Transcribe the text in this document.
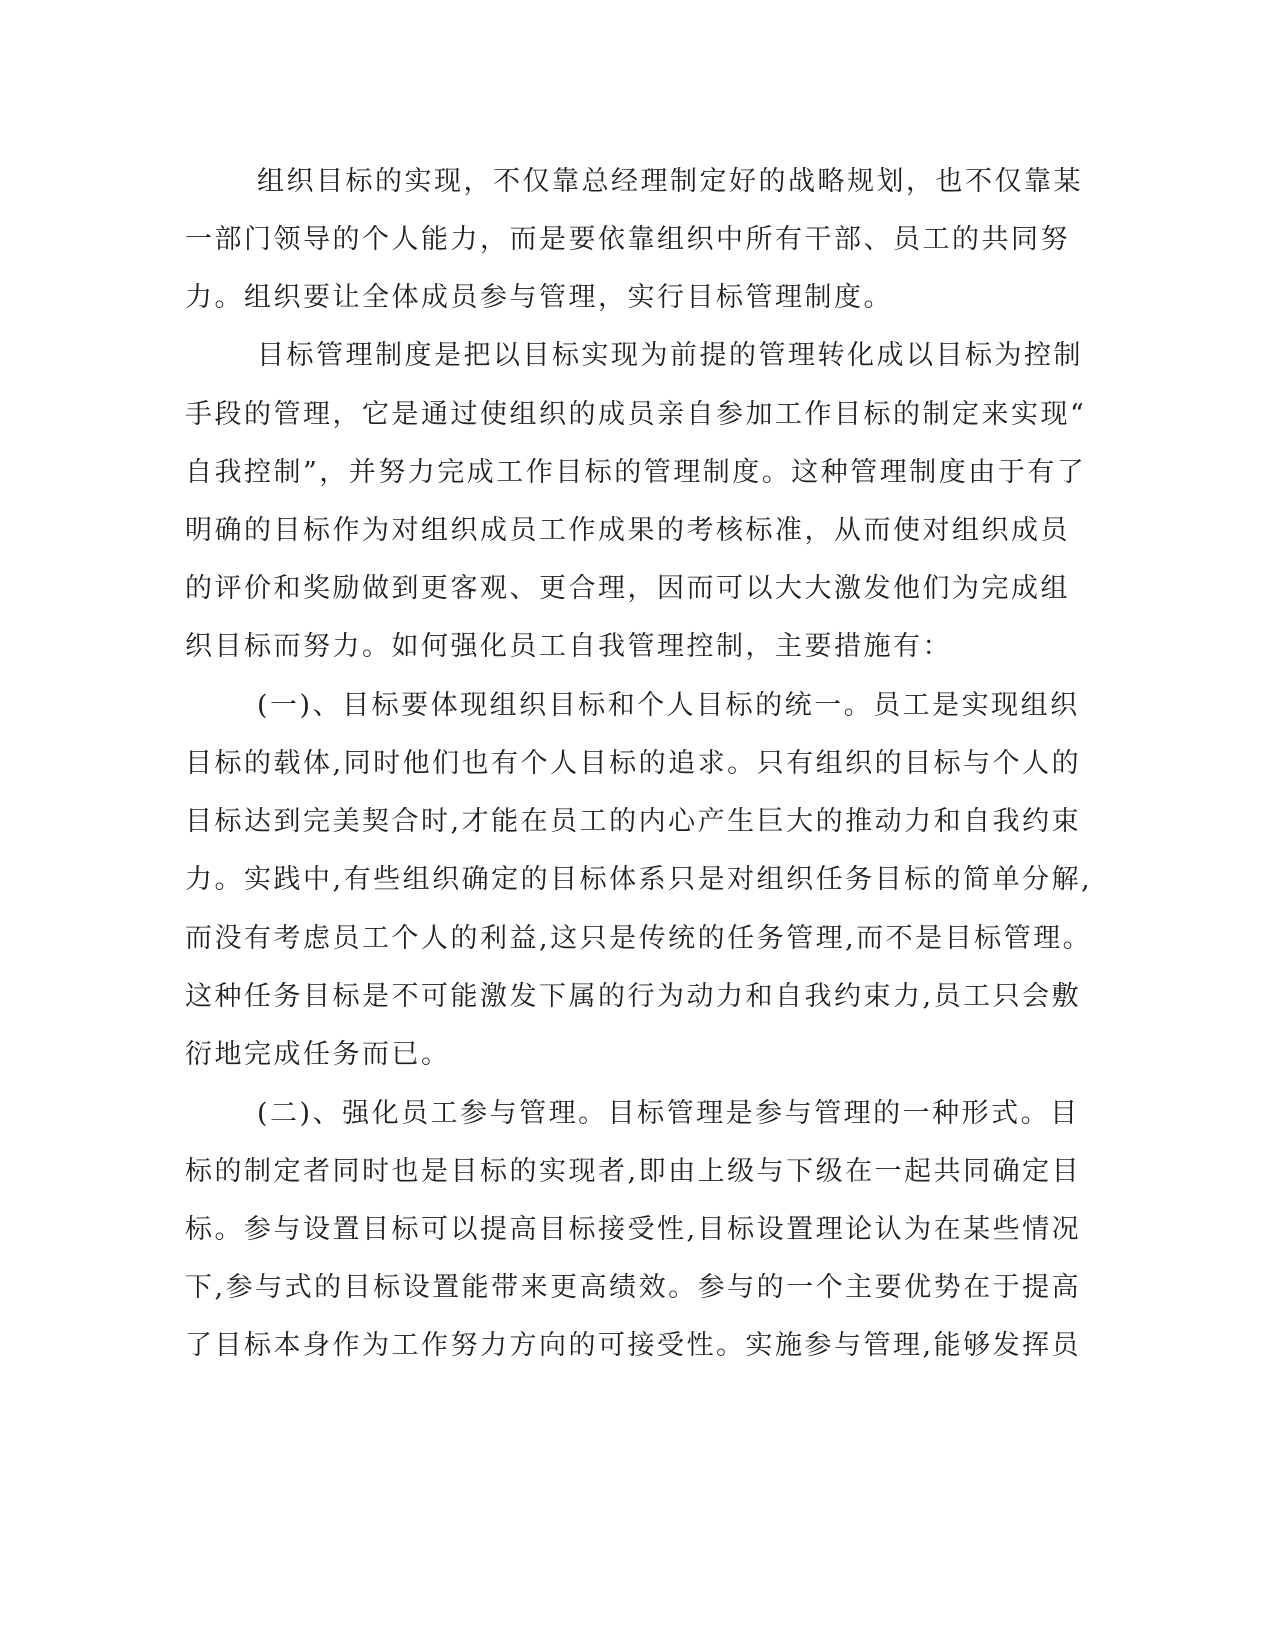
组织目标的实现，不仅靠总经理制定好的战略规划，也不仅靠某

一部门领导的个人能力，而是要依靠组织中所有干部、员工的共同努

力。组织要让全体成员参与管理，实行目标管理制度。

目标管理制度是把以目标实现为前提的管理转化成以目标为控制

手段的管理，它是通过使组织的成员亲自参加工作目标的制定来实现“

自我控制”，并努力完成工作目标的管理制度。这种管理制度由于有了

明确的目标作为对组织成员工作成果的考核标准，从而使对组织成员

的评价和奖励做到更客观、更合理，因而可以大大激发他们为完成组

织目标而努力。如何强化员工自我管理控制，主要措施有：

(一)、目标要体现组织目标和个人目标的统一。员工是实现组织

目标的载体,同时他们也有个人目标的追求。只有组织的目标与个人的

目标达到完美契合时,才能在员工的内心产生巨大的推动力和自我约束

力。实践中,有些组织确定的目标体系只是对组织任务目标的简单分解,

而没有考虑员工个人的利益,这只是传统的任务管理,而不是目标管理。

这种任务目标是不可能激发下属的行为动力和自我约束力,员工只会敷

衍地完成任务而已。

(二)、强化员工参与管理。目标管理是参与管理的一种形式。目

标的制定者同时也是目标的实现者,即由上级与下级在一起共同确定目

标。参与设置目标可以提高目标接受性,目标设置理论认为在某些情况

下,参与式的目标设置能带来更高绩效。参与的一个主要优势在于提高

了目标本身作为工作努力方向的可接受性。实施参与管理,能够发挥员
